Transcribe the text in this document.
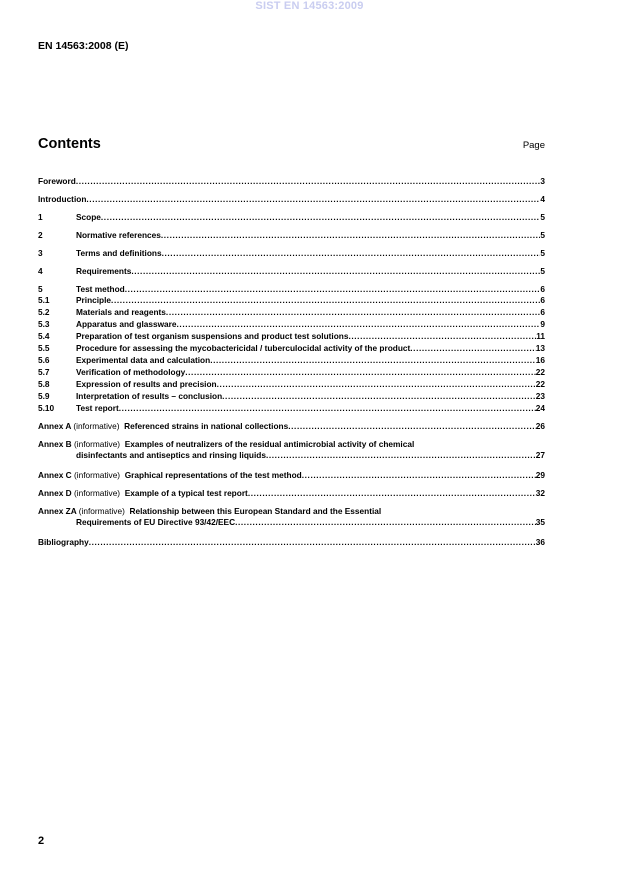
SIST EN 14563:2009
EN 14563:2008 (E)
Contents	Page
Foreword .....	3
Introduction .....	4
1	Scope .....	5
2	Normative references .....	5
3	Terms and definitions .....	5
4	Requirements .....	5
5	Test method .....	6
5.1	Principle .....	6
5.2	Materials and reagents .....	6
5.3	Apparatus and glassware .....	9
5.4	Preparation of test organism suspensions and product test solutions .....	11
5.5	Procedure for assessing the mycobactericidal / tuberculocidal activity of the product .....	13
5.6	Experimental data and calculation .....	16
5.7	Verification of methodology .....	22
5.8	Expression of results and precision .....	22
5.9	Interpretation of results – conclusion .....	23
5.10	Test report .....	24
Annex A (informative) Referenced strains in national collections .....	26
Annex B (informative) Examples of neutralizers of the residual antimicrobial activity of chemical
disinfectants and antiseptics and rinsing liquids .....	27
Annex C (informative) Graphical representations of the test method .....	29
Annex D (informative) Example of a typical test report .....	32
Annex ZA (informative) Relationship between this European Standard and the Essential
Requirements of EU Directive 93/42/EEC .....	35
Bibliography .....	36
2
